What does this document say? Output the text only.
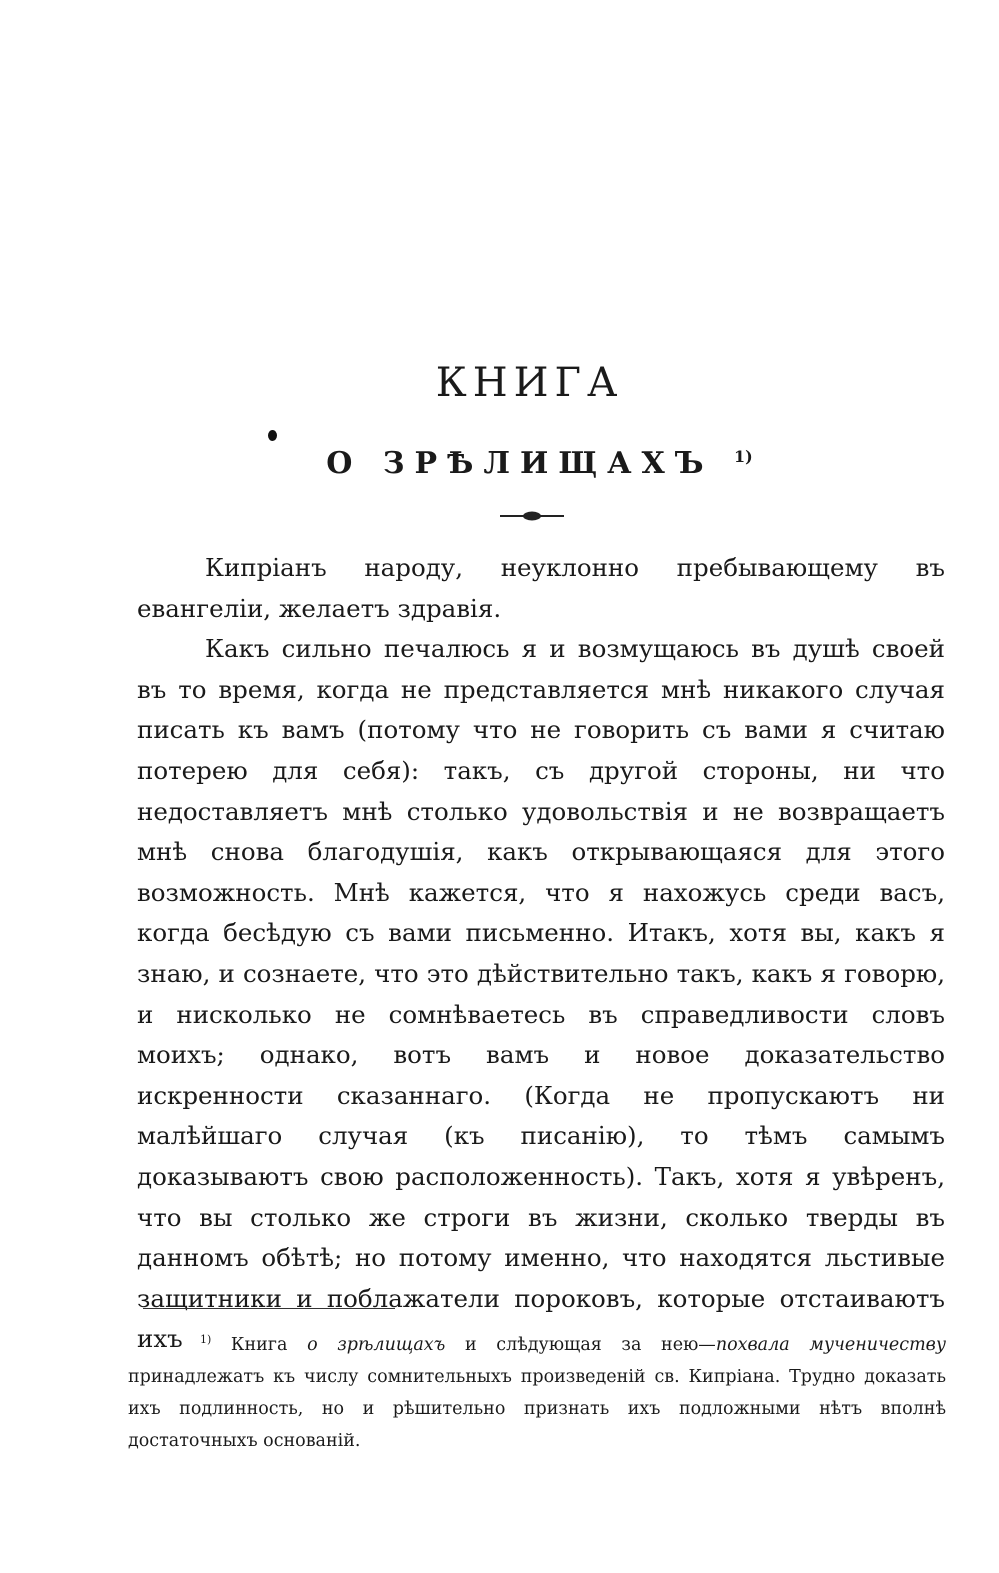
КНИГА
О ЗРѢЛИЩАХЪ $^{1)}$

Кипріанъ народу, неуклонно пребывающему въ евангеліи, желаетъ здравія.

Какъ сильно печалюсь я и возмущаюсь въ душѣ своей въ то время, когда не представляется мнѣ никакого случая писать къ вамъ (потому что не говорить съ вами я считаю потерею для себя): такъ, съ другой стороны, ни что недоставляетъ мнѣ столько удовольствія и не возвращаетъ мнѣ снова благодушія, какъ открывающаяся для этого возможность. Мнѣ кажется, что я нахожусь среди васъ, когда бесѣдую съ вами письменно. Итакъ, хотя вы, какъ я знаю, и сознаете, что это дѣйствительно такъ, какъ я говорю, и нисколько не сомнѣваетесь въ справедливости словъ моихъ; однако, вотъ вамъ и новое доказательство искренности сказаннаго. (Когда не пропускаютъ ни малѣйшаго случая (къ писанію), то тѣмъ самымъ доказываютъ свою расположенность). Такъ, хотя я увѣренъ, что вы столько же строги въ жизни, сколько тверды въ данномъ обѣтѣ; но потому именно, что находятся льстивые защитники и поблажатели пороковъ, которые отстаиваютъ ихъ	$^{1)}$ Книга о зрѣлищахъ и слѣдующая за нею—похвала мученичеству принадлежатъ къ числу сомнительныхъ произведеній св. Кипріана. Трудно доказать ихъ подлинность, но и рѣшительно признать ихъ подложными нѣтъ вполнѣ достаточныхъ основаній.
